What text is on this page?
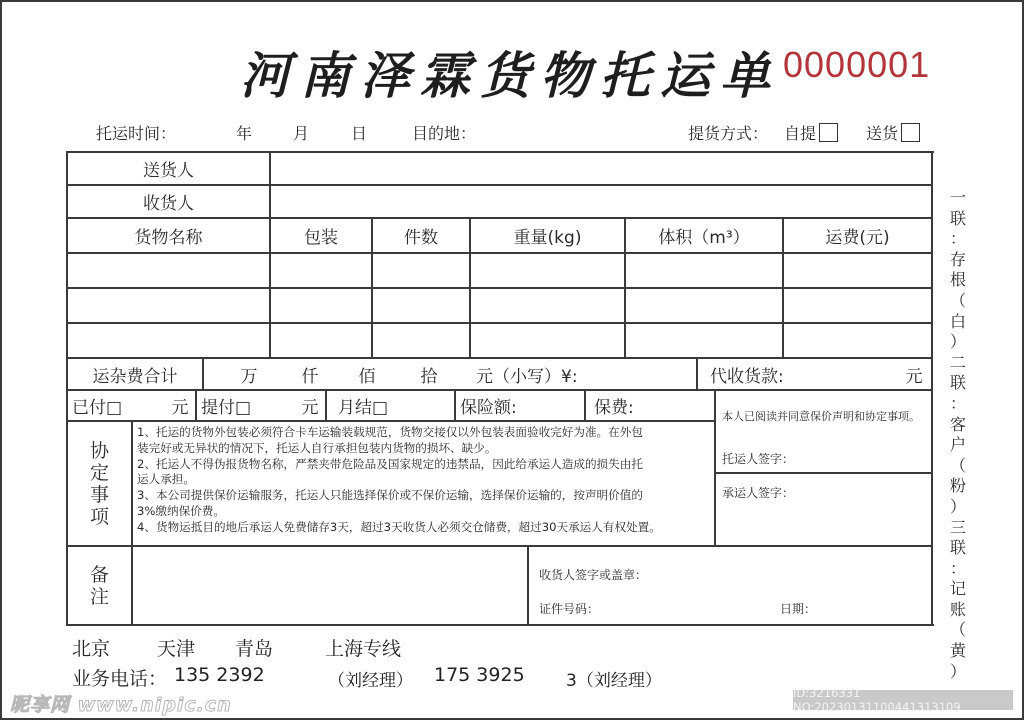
河南泽霖货物托运单 0000001
托运时间：	年	月	日	目的地：	提货方式： 自提	送货
送货人
收货人
货物名称	包装	件数	重量(kg)	体积（m³）	运费(元)
运杂费合计	万	仟 佰	拾	元（小写）¥:	代收货款:	元
已付□	元 提付□	元	月结□	保险额:	保费:
协定事项
1、托运的货物外包装必须符合卡车运输装载规范，货物交接仅以外包装表面验收完好为准。在外包
装完好或无异状的情况下，托运人自行承担包装内货物的损坏、缺少。
2、托运人不得伪报货物名称，严禁夹带危险品及国家规定的违禁品，因此给承运人造成的损失由托
运人承担。
3、本公司提供保价运输服务，托运人只能选择保价或不保价运输，选择保价运输的，按声明价值的
3%缴纳保价费。
4、货物运抵目的地后承运人免费储存3天，超过3天收货人必须交仓储费，超过30天承运人有权处置。
本人已阅读并同意保价声明和协定事项。
托运人签字：
承运人签字：
备注
收货人签字或盖章：
证件号码：	日期：
一
联
：
存
根
（
白
）
二
联
：
客
户
（
粉
）
三
联
：
记
账
（
黄
）
北京 天津 青岛	上海专线
业务电话： 135 2392	（刘经理） 175 3925 3（刘经理）
昵享网 www.nipic.cn
ID:3216331 NO:20230131100441313109
